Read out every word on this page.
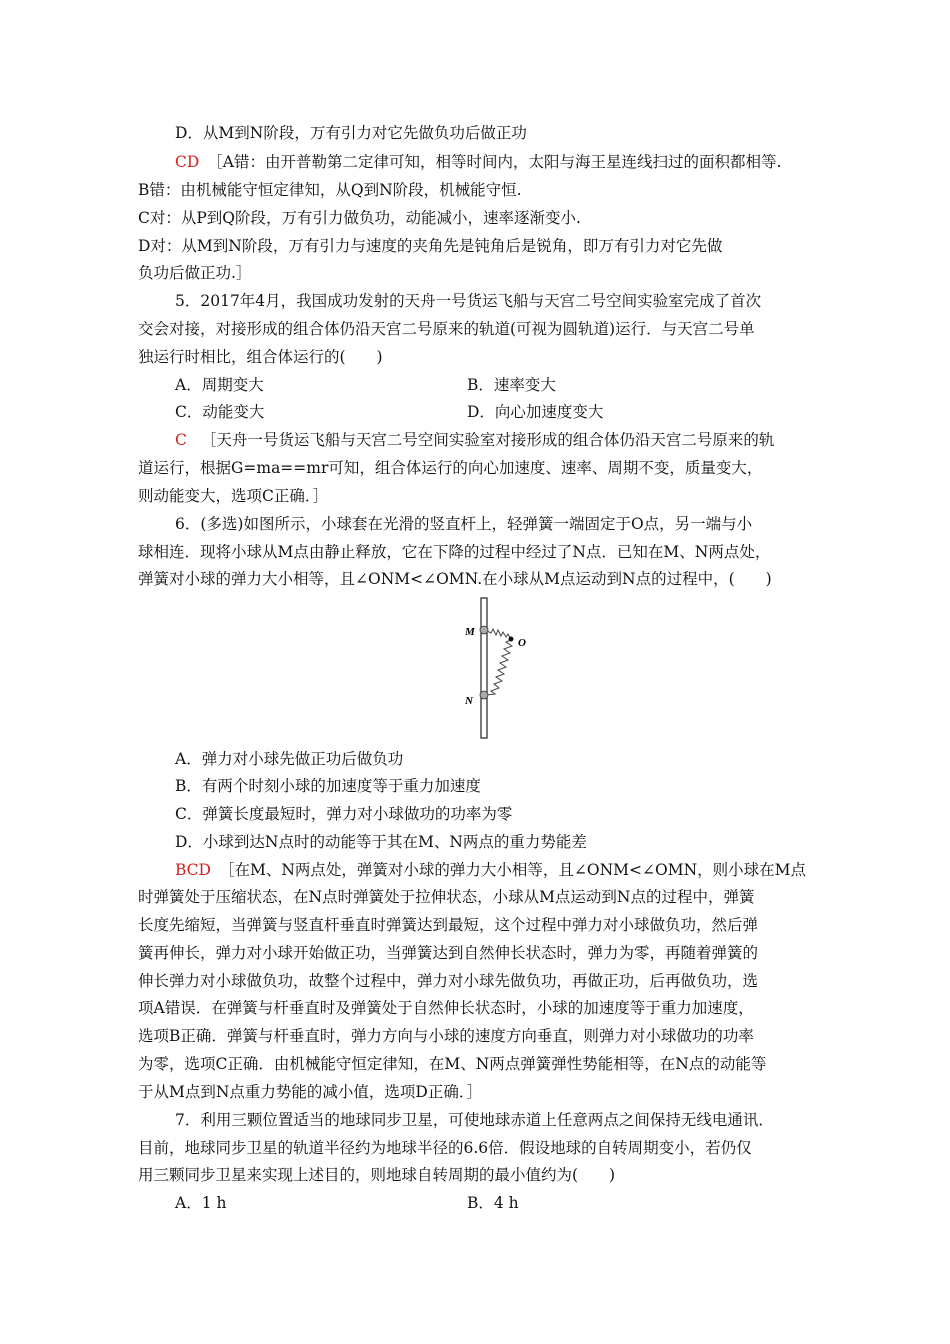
D．从M到N阶段，万有引力对它先做负功后做正功
CD ［A错：由开普勒第二定律可知，相等时间内，太阳与海王星连线扫过的面积都相等.
B错：由机械能守恒定律知，从Q到N阶段，机械能守恒.
C对：从P到Q阶段，万有引力做负功，动能减小，速率逐渐变小.
D对：从M到N阶段，万有引力与速度的夹角先是钝角后是锐角，即万有引力对它先做
负功后做正功.］
5．2017年4月，我国成功发射的天舟一号货运飞船与天宫二号空间实验室完成了首次
交会对接，对接形成的组合体仍沿天宫二号原来的轨道(可视为圆轨道)运行．与天宫二号单
独运行时相比，组合体运行的(　　)
A．周期变大	B．速率变大
C．动能变大	D．向心加速度变大
C ［天舟一号货运飞船与天宫二号空间实验室对接形成的组合体仍沿天宫二号原来的轨
道运行，根据G=ma==mr可知，组合体运行的向心加速度、速率、周期不变，质量变大，
则动能变大，选项C正确．］
6．(多选)如图所示，小球套在光滑的竖直杆上，轻弹簧一端固定于O点，另一端与小
球相连．现将小球从M点由静止释放，它在下降的过程中经过了N点．已知在M、N两点处，
弹簧对小球的弹力大小相等，且∠ONM<∠OMN.在小球从M点运动到N点的过程中，(　　)
M
N
O
A．弹力对小球先做正功后做负功
B．有两个时刻小球的加速度等于重力加速度
C．弹簧长度最短时，弹力对小球做功的功率为零
D．小球到达N点时的动能等于其在M、N两点的重力势能差
BCD ［在M、N两点处，弹簧对小球的弹力大小相等，且∠ONM<∠OMN，则小球在M点
时弹簧处于压缩状态，在N点时弹簧处于拉伸状态，小球从M点运动到N点的过程中，弹簧
长度先缩短，当弹簧与竖直杆垂直时弹簧达到最短，这个过程中弹力对小球做负功，然后弹
簧再伸长，弹力对小球开始做正功，当弹簧达到自然伸长状态时，弹力为零，再随着弹簧的
伸长弹力对小球做负功，故整个过程中，弹力对小球先做负功，再做正功，后再做负功，选
项A错误．在弹簧与杆垂直时及弹簧处于自然伸长状态时，小球的加速度等于重力加速度，
选项B正确．弹簧与杆垂直时，弹力方向与小球的速度方向垂直，则弹力对小球做功的功率
为零，选项C正确．由机械能守恒定律知，在M、N两点弹簧弹性势能相等，在N点的动能等
于从M点到N点重力势能的减小值，选项D正确．］
7．利用三颗位置适当的地球同步卫星，可使地球赤道上任意两点之间保持无线电通讯．
目前，地球同步卫星的轨道半径约为地球半径的6.6倍．假设地球的自转周期变小，若仍仅
用三颗同步卫星来实现上述目的，则地球自转周期的最小值约为(　　)
A．1 h	B．4 h
